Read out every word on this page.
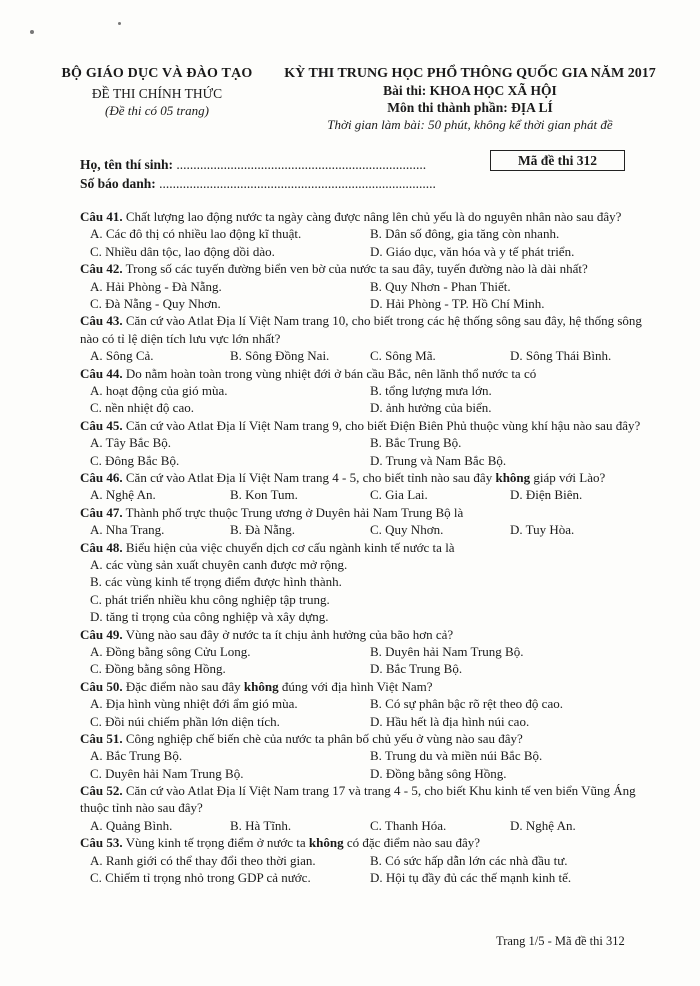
BỘ GIÁO DỤC VÀ ĐÀO TẠO
ĐỀ THI CHÍNH THỨC
(Đề thi có 05 trang)
KỲ THI TRUNG HỌC PHỔ THÔNG QUỐC GIA NĂM 2017
Bài thi: KHOA HỌC XÃ HỘI
Môn thi thành phần: ĐỊA LÍ
Thời gian làm bài: 50 phút, không kể thời gian phát đề
Họ, tên thí sinh: ..........................................................................
Số báo danh: ..................................................................................
Mã đề thi 312
Câu 41. Chất lượng lao động nước ta ngày càng được nâng lên chủ yếu là do nguyên nhân nào sau đây?
A. Các đô thị có nhiều lao động kĩ thuật.	B. Dân số đông, gia tăng còn nhanh.
C. Nhiều dân tộc, lao động dồi dào.	D. Giáo dục, văn hóa và y tế phát triển.
Câu 42. Trong số các tuyến đường biển ven bờ của nước ta sau đây, tuyến đường nào là dài nhất?
A. Hải Phòng - Đà Nẵng.	B. Quy Nhơn - Phan Thiết.
C. Đà Nẵng - Quy Nhơn.	D. Hải Phòng - TP. Hồ Chí Minh.
Câu 43. Căn cứ vào Atlat Địa lí Việt Nam trang 10, cho biết trong các hệ thống sông sau đây, hệ thống sông nào có tỉ lệ diện tích lưu vực lớn nhất?
A. Sông Cả.	B. Sông Đồng Nai.	C. Sông Mã.	D. Sông Thái Bình.
Câu 44. Do nằm hoàn toàn trong vùng nhiệt đới ở bán cầu Bắc, nên lãnh thổ nước ta có
A. hoạt động của gió mùa.	B. tổng lượng mưa lớn.
C. nền nhiệt độ cao.	D. ảnh hưởng của biển.
Câu 45. Căn cứ vào Atlat Địa lí Việt Nam trang 9, cho biết Điện Biên Phủ thuộc vùng khí hậu nào sau đây?
A. Tây Bắc Bộ.	B. Bắc Trung Bộ.
C. Đông Bắc Bộ.	D. Trung và Nam Bắc Bộ.
Câu 46. Căn cứ vào Atlat Địa lí Việt Nam trang 4 - 5, cho biết tỉnh nào sau đây không giáp với Lào?
A. Nghệ An.	B. Kon Tum.	C. Gia Lai.	D. Điện Biên.
Câu 47. Thành phố trực thuộc Trung ương ở Duyên hải Nam Trung Bộ là
A. Nha Trang.	B. Đà Nẵng.	C. Quy Nhơn.	D. Tuy Hòa.
Câu 48. Biểu hiện của việc chuyển dịch cơ cấu ngành kinh tế nước ta là
A. các vùng sản xuất chuyên canh được mở rộng.
B. các vùng kinh tế trọng điểm được hình thành.
C. phát triển nhiều khu công nghiệp tập trung.
D. tăng tỉ trọng của công nghiệp và xây dựng.
Câu 49. Vùng nào sau đây ở nước ta ít chịu ảnh hưởng của bão hơn cả?
A. Đồng bằng sông Cửu Long.	B. Duyên hải Nam Trung Bộ.
C. Đồng bằng sông Hồng.	D. Bắc Trung Bộ.
Câu 50. Đặc điểm nào sau đây không đúng với địa hình Việt Nam?
A. Địa hình vùng nhiệt đới ẩm gió mùa.	B. Có sự phân bậc rõ rệt theo độ cao.
C. Đồi núi chiếm phần lớn diện tích.	D. Hầu hết là địa hình núi cao.
Câu 51. Công nghiệp chế biến chè của nước ta phân bố chủ yếu ở vùng nào sau đây?
A. Bắc Trung Bộ.	B. Trung du và miền núi Bắc Bộ.
C. Duyên hải Nam Trung Bộ.	D. Đồng bằng sông Hồng.
Câu 52. Căn cứ vào Atlat Địa lí Việt Nam trang 17 và trang 4 - 5, cho biết Khu kinh tế ven biển Vũng Áng thuộc tỉnh nào sau đây?
A. Quảng Bình.	B. Hà Tĩnh.	C. Thanh Hóa.	D. Nghệ An.
Câu 53. Vùng kinh tế trọng điểm ở nước ta không có đặc điểm nào sau đây?
A. Ranh giới có thể thay đổi theo thời gian.	B. Có sức hấp dẫn lớn các nhà đầu tư.
C. Chiếm tỉ trọng nhỏ trong GDP cả nước.	D. Hội tụ đầy đủ các thế mạnh kinh tế.
Trang 1/5 - Mã đề thi 312
